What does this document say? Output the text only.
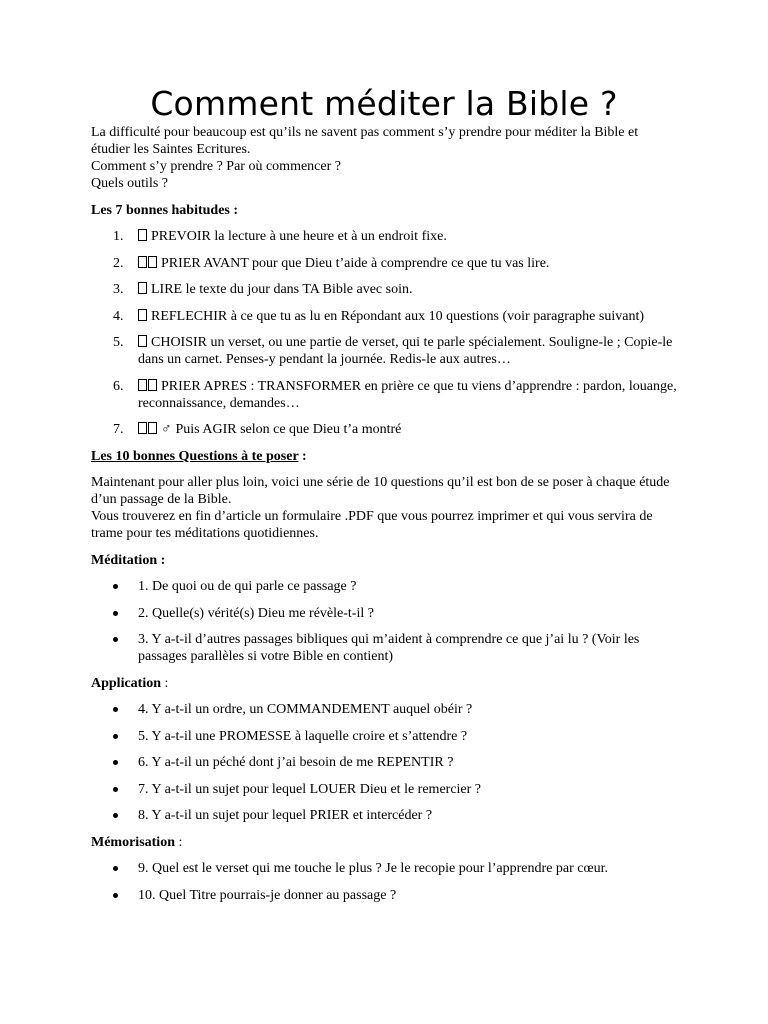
Comment méditer la Bible ?

La difficulté pour beaucoup est qu’ils ne savent pas comment s’y prendre pour méditer la Bible et étudier les Saintes Ecritures.
Comment s’y prendre ? Par où commencer ?
Quels outils ?

Les 7 bonnes habitudes :
1. PREVOIR la lecture à une heure et à un endroit fixe.
2.	PRIER AVANT pour que Dieu t’aide à comprendre ce que tu vas lire.
3. LIRE le texte du jour dans TA Bible avec soin.
4. REFLECHIR à ce que tu as lu en Répondant aux 10 questions (voir paragraphe suivant)
5. CHOISIR un verset, ou une partie de verset, qui te parle spécialement. Souligne-le ; Copie-le dans un carnet. Penses-y pendant la journée. Redis-le aux autres…
6.	PRIER APRES : TRANSFORMER en prière ce que tu viens d’apprendre : pardon, louange, reconnaissance, demandes…
7.	♂ Puis AGIR selon ce que Dieu t’a montré
Les 10 bonnes Questions à te poser :

Maintenant pour aller plus loin, voici une série de 10 questions qu’il est bon de se poser à chaque étude d’un passage de la Bible.
Vous trouverez en fin d’article un formulaire .PDF que vous pourrez imprimer et qui vous servira de trame pour tes méditations quotidiennes.

Méditation :
1. De quoi ou de qui parle ce passage ?
2. Quelle(s) vérité(s) Dieu me révèle-t-il ?
3. Y a-t-il d’autres passages bibliques qui m’aident à comprendre ce que j’ai lu ? (Voir les passages parallèles si votre Bible en contient)
Application :
4. Y a-t-il un ordre, un COMMANDEMENT auquel obéir ?
5. Y a-t-il une PROMESSE à laquelle croire et s’attendre ?
6. Y a-t-il un péché dont j’ai besoin de me REPENTIR ?
7. Y a-t-il un sujet pour lequel LOUER Dieu et le remercier ?
8. Y a-t-il un sujet pour lequel PRIER et intercéder ?
Mémorisation :
9. Quel est le verset qui me touche le plus ? Je le recopie pour l’apprendre par cœur.
10. Quel Titre pourrais-je donner au passage ?
